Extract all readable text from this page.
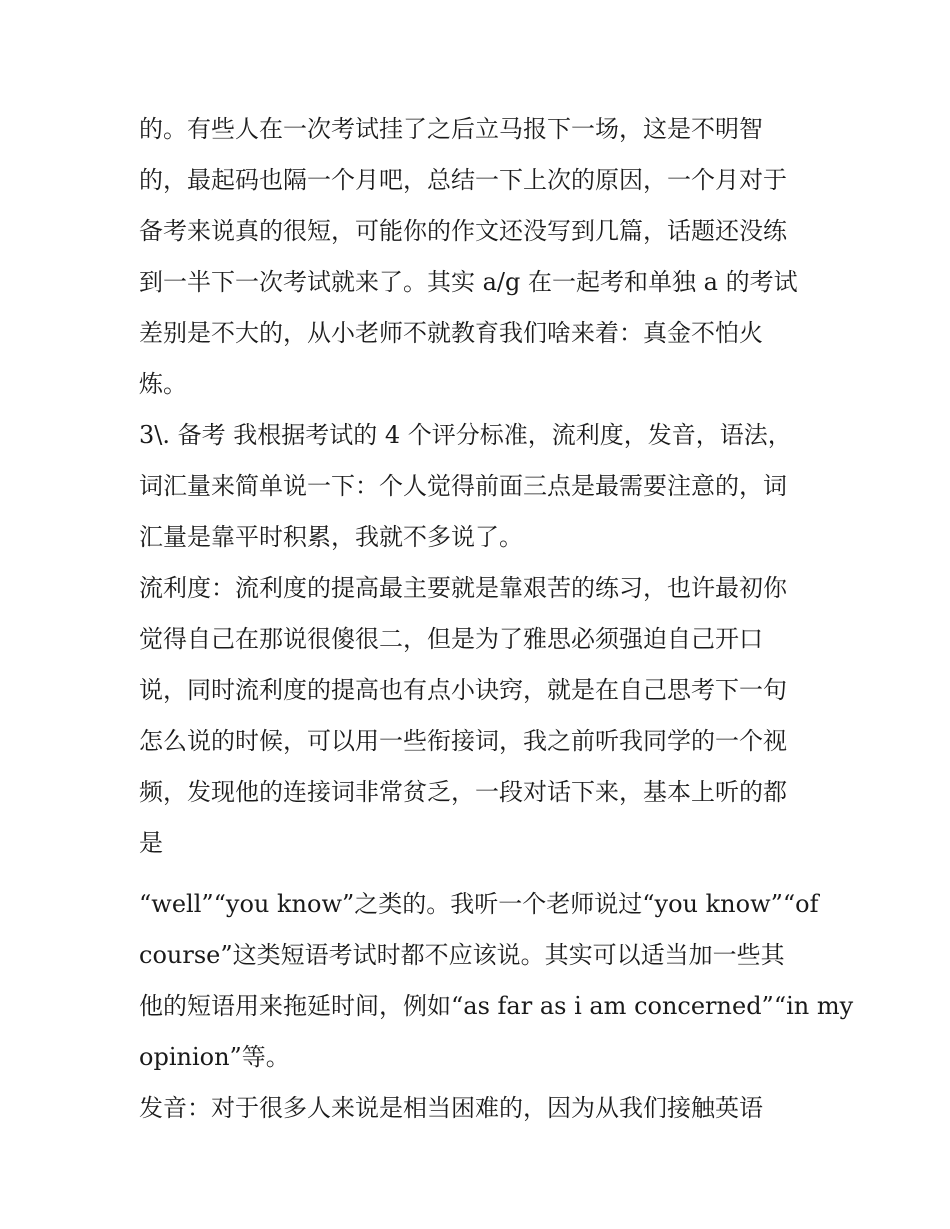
的。有些人在一次考试挂了之后立马报下一场，这是不明智
的，最起码也隔一个月吧，总结一下上次的原因，一个月对于
备考来说真的很短，可能你的作文还没写到几篇，话题还没练
到一半下一次考试就来了。其实 a/g 在一起考和单独 a 的考试
差别是不大的，从小老师不就教育我们啥来着：真金不怕火
炼。
3\. 备考 我根据考试的 4 个评分标准，流利度，发音，语法，
词汇量来简单说一下：个人觉得前面三点是最需要注意的，词
汇量是靠平时积累，我就不多说了。
流利度：流利度的提高最主要就是靠艰苦的练习，也许最初你
觉得自己在那说很傻很二，但是为了雅思必须强迫自己开口
说，同时流利度的提高也有点小诀窍，就是在自己思考下一句
怎么说的时候，可以用一些衔接词，我之前听我同学的一个视
频，发现他的连接词非常贫乏，一段对话下来，基本上听的都
是
“well”“you know”之类的。我听一个老师说过“you know”“of
course”这类短语考试时都不应该说。其实可以适当加一些其
他的短语用来拖延时间，例如“as far as i am concerned”“in my
opinion”等。
发音：对于很多人来说是相当困难的，因为从我们接触英语
